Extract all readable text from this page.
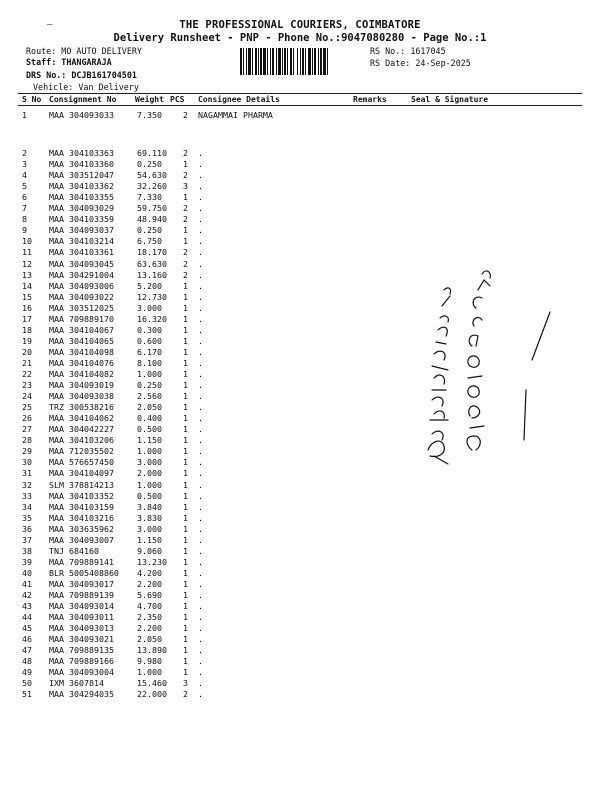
—	THE PROFESSIONAL COURIERS, COIMBATORE
Delivery Runsheet - PNP - Phone No.:9047080280 - Page No.:1
Route: MO AUTO DELIVERY
Staff: THANGARAJA
DRS No.: DCJB161704501
Vehicle: Van Delivery
RS No.: 1617045
RS Date: 24-Sep-2025
S No Consignment No Weight PCS Consignee Details	Remarks	Seal & Signature
1	MAA 304093033	7.350	2 NAGAMMAI PHARMA
2	MAA 304103363	69.110 2 .
3	MAA 304103360	0.250	1 .
4	MAA 303512047	54.630 2 .
5	MAA 304103362	32.260 3 .
6	MAA 304103355	7.330	1 .
7	MAA 304093029	59.750 2 .
8	MAA 304103359	48.940 2 .
9	MAA 304093037	0.250	1 .
10 MAA 304103214	6.750	1 .
11 MAA 304103361	18.170 2 .
12 MAA 304093045	63.630 2 .
13 MAA 304291004	13.160 2 .
14 MAA 304093006	5.200	1 .
15 MAA 304093022	12.730 1 .
16 MAA 303512025	3.000	1 .
17 MAA 709889170	16.320 1 .
18 MAA 304104067	0.300	1 .
19 MAA 304104065	0.600	1 .
20 MAA 304104098	6.170	1 .
21 MAA 304104076	8.100	1 .
22 MAA 304104082	1.000	1 .
23 MAA 304093019	0.250	1 .
24 MAA 304093038	2.560	1 .
25 TRZ 300538216	2.050	1 .
26 MAA 304104062	0.400	1 .
27 MAA 304042227	0.500	1 .
28 MAA 304103206	1.150	1 .
29 MAA 712035502	1.000	1 .
30 MAA 576657450	3.000	1 .
31 MAA 304104097	2.000	1 .
32 SLM 378814213	1.000	1 .
33 MAA 304103352	0.500	1 .
34 MAA 304103159	3.840	1 .
35 MAA 304103216	3.830	1 .
36 MAA 303635962	3.000	1 .
37 MAA 304093007	1.150	1 .
38 TNJ 684160	9.060	1 .
39 MAA 709889141	13.230 1 .
40 BLR 5005408860 4.200	1 .
41 MAA 304093017	2.200	1 .
42 MAA 709889139	5.690	1 .
43 MAA 304093014	4.700	1 .
44 MAA 304093011	2.350	1 .
45 MAA 304093013	2.200	1 .
46 MAA 304093021	2.050	1 .
47 MAA 709889135	13.890 1 .
48 MAA 709889166	9.980	1 .
49 MAA 304093004	1.000	1 .
50 IXM 3607814	15.460 3 .
51 MAA 304294035	22.000 2 .
